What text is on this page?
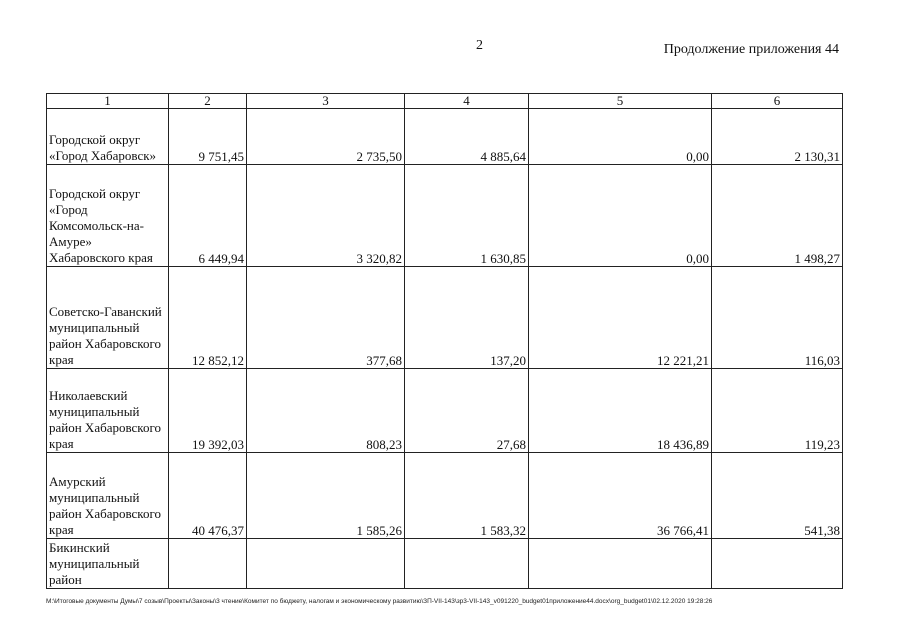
2	Продолжение приложения 44
1	2	3	4	5	6
Городской округ «Город Хабаровск»	9 751,45	2 735,50	4 885,64	0,00	2 130,31
Городской округ «Город Комсомольск-на-Амуре» Хабаровского края	6 449,94	3 320,82	1 630,85	0,00	1 498,27
Советско-Гаванский муниципальный район Хабаровского края	12 852,12	377,68	137,20	12 221,21	116,03
Николаевский муниципальный район Хабаровского края	19 392,03	808,23	27,68	18 436,89	119,23
Амурский муниципальный район Хабаровского края	40 476,37	1 585,26	1 583,32	36 766,41	541,38
Бикинский муниципальный район					
M:\Итоговые документы Думы\7 созыв\Проекты\Законы\3 чтение\Комитет по бюджету, налогам и экономическому развитию\ЗП-VII-143\зр3-VII-143_v091220_budget01приложение44.docx\org_budget01\02.12.2020 19:28:26
